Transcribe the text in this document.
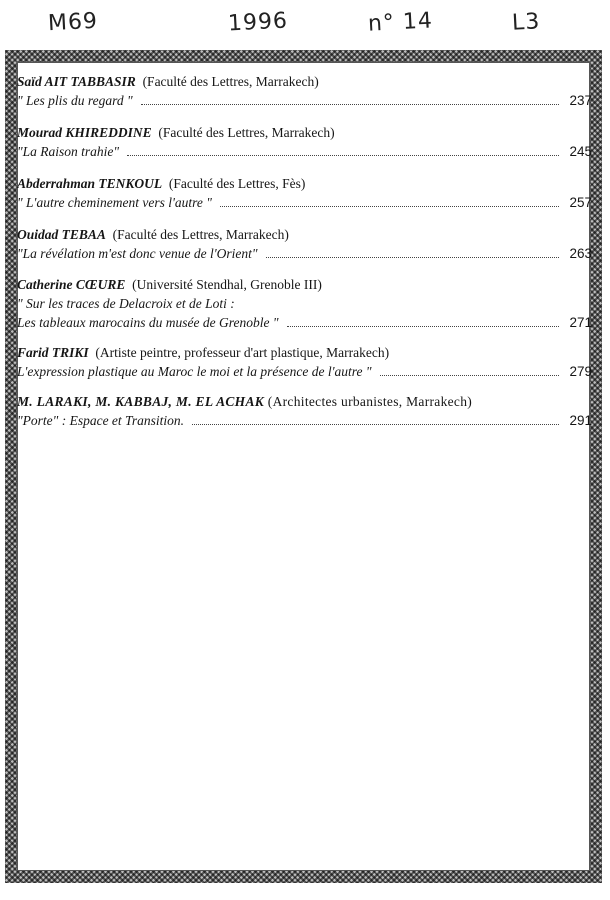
M69	1996	n° 14	L3
Saïd AIT TABBASIR (Faculté des Lettres, Marrakech)
" Les plis du regard "	237
Mourad KHIREDDINE (Faculté des Lettres, Marrakech)
"La Raison trahie"	245
Abderrahman TENKOUL (Faculté des Lettres, Fès)
" L'autre cheminement vers l'autre "	257
Ouidad TEBAA (Faculté des Lettres, Marrakech)
"La révélation m'est donc venue de l'Orient"	263
Catherine CŒURE (Université Stendhal, Grenoble III)
" Sur les traces de Delacroix et de Loti :
Les tableaux marocains du musée de Grenoble "	271
Farid TRIKI (Artiste peintre, professeur d'art plastique, Marrakech)
L'expression plastique au Maroc le moi et la présence de l'autre "	279
M. LARAKI, M. KABBAJ, M. EL ACHAK (Architectes urbanistes, Marrakech)
"Porte" : Espace et Transition.	291
